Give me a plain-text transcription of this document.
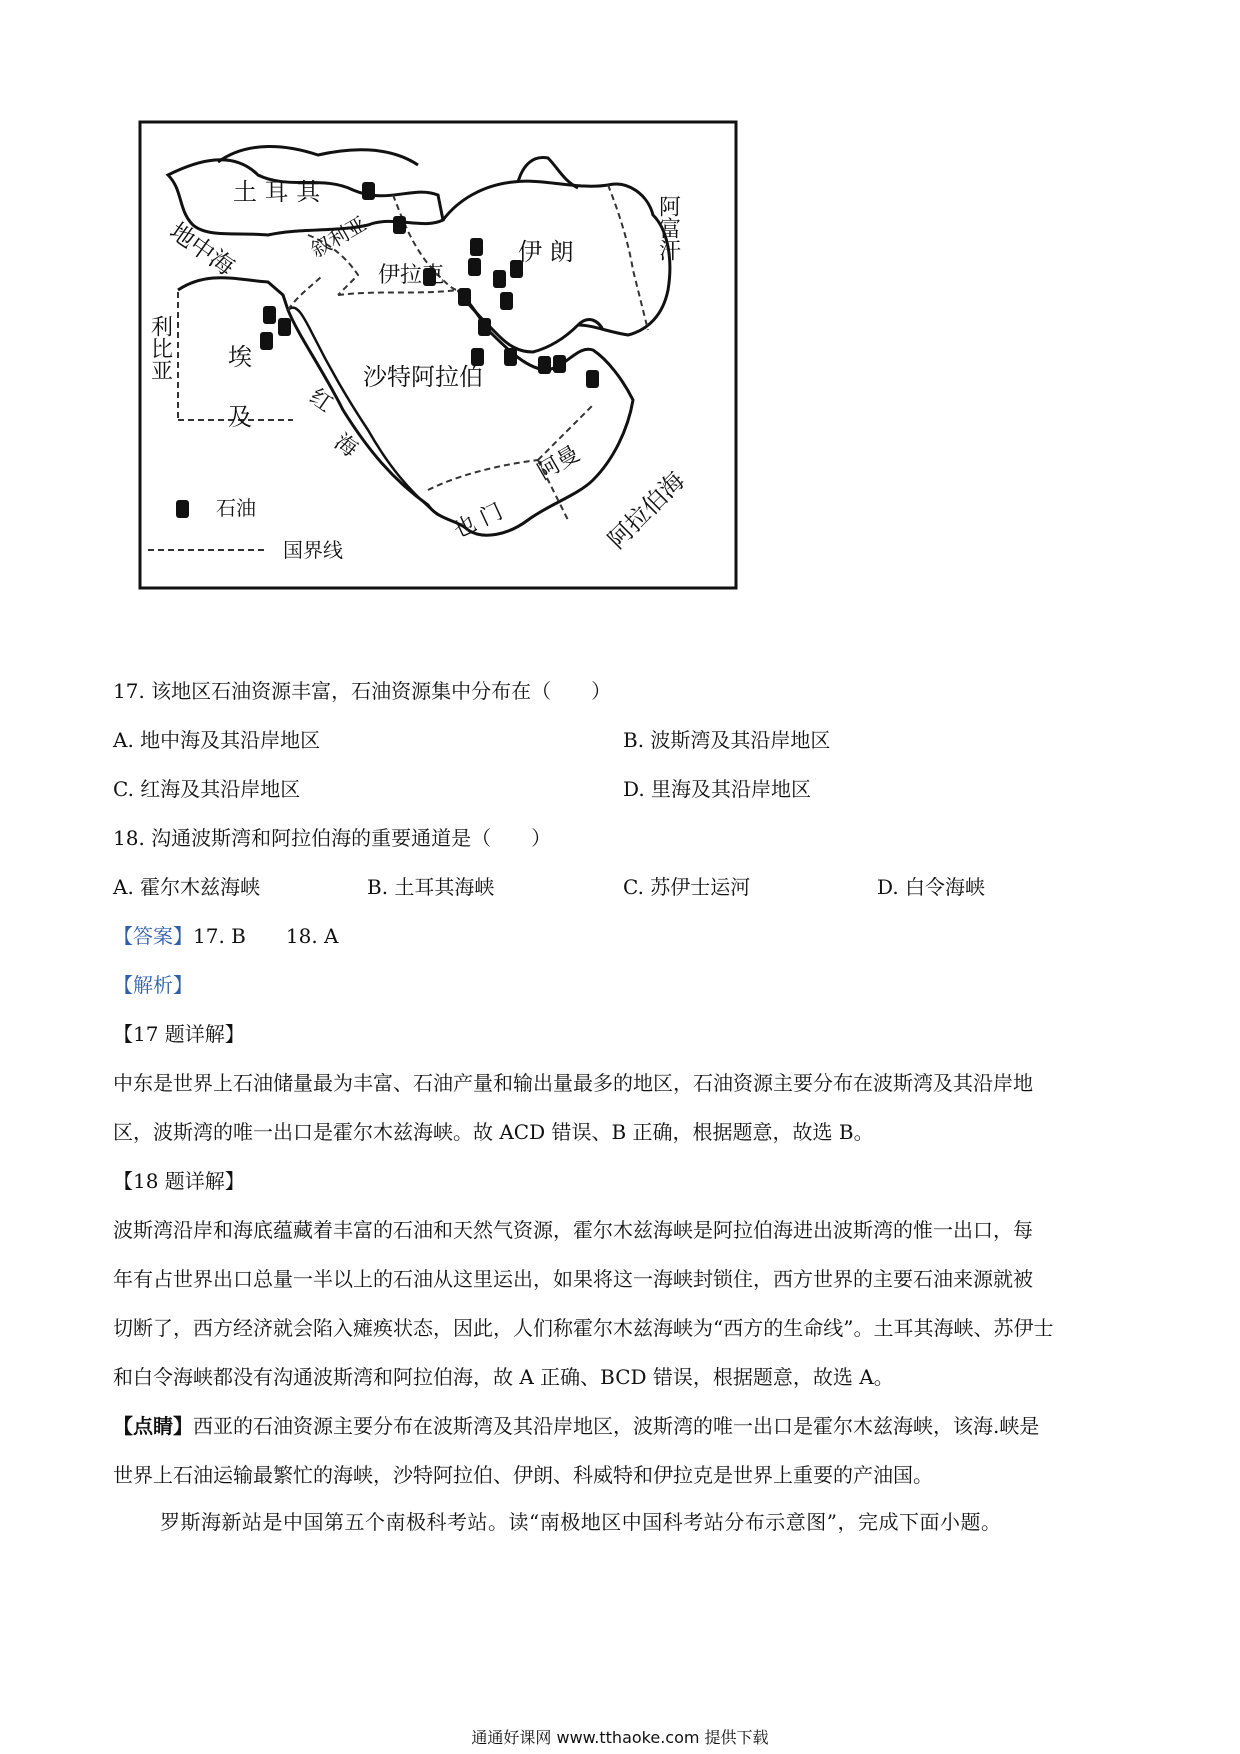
土 耳 其
地中海	叙利亚
伊拉克
伊 朗	阿富汗
利比亚 埃
及
沙特阿拉伯
红
海	阿曼
阿拉伯海
也 门
石油
国界线
17. 该地区石油资源丰富，石油资源集中分布在（　　）
A. 地中海及其沿岸地区	B. 波斯湾及其沿岸地区
C. 红海及其沿岸地区	D. 里海及其沿岸地区
18. 沟通波斯湾和阿拉伯海的重要通道是（　　）
A. 霍尔木兹海峡	B. 土耳其海峡	C. 苏伊士运河	D. 白令海峡
【答案】17. B   18. A
【解析】
【17 题详解】
中东是世界上石油储量最为丰富、石油产量和输出量最多的地区，石油资源主要分布在波斯湾及其沿岸地
区，波斯湾的唯一出口是霍尔木兹海峡。故 ACD 错误、B 正确，根据题意，故选 B。
【18 题详解】
波斯湾沿岸和海底蕴藏着丰富的石油和天然气资源，霍尔木兹海峡是阿拉伯海进出波斯湾的惟一出口，每
年有占世界出口总量一半以上的石油从这里运出，如果将这一海峡封锁住，西方世界的主要石油来源就被
切断了，西方经济就会陷入瘫痪状态，因此，人们称霍尔木兹海峡为“西方的生命线”。土耳其海峡、苏伊士
和白令海峡都没有沟通波斯湾和阿拉伯海，故 A 正确、BCD 错误，根据题意，故选 A。
【点睛】西亚的石油资源主要分布在波斯湾及其沿岸地区，波斯湾的唯一出口是霍尔木兹海峡，该海.峡是
世界上石油运输最繁忙的海峡，沙特阿拉伯、伊朗、科威特和伊拉克是世界上重要的产油国。
罗斯海新站是中国第五个南极科考站。读“南极地区中国科考站分布示意图”，完成下面小题。
通通好课网 www.tthaoke.com 提供下载
